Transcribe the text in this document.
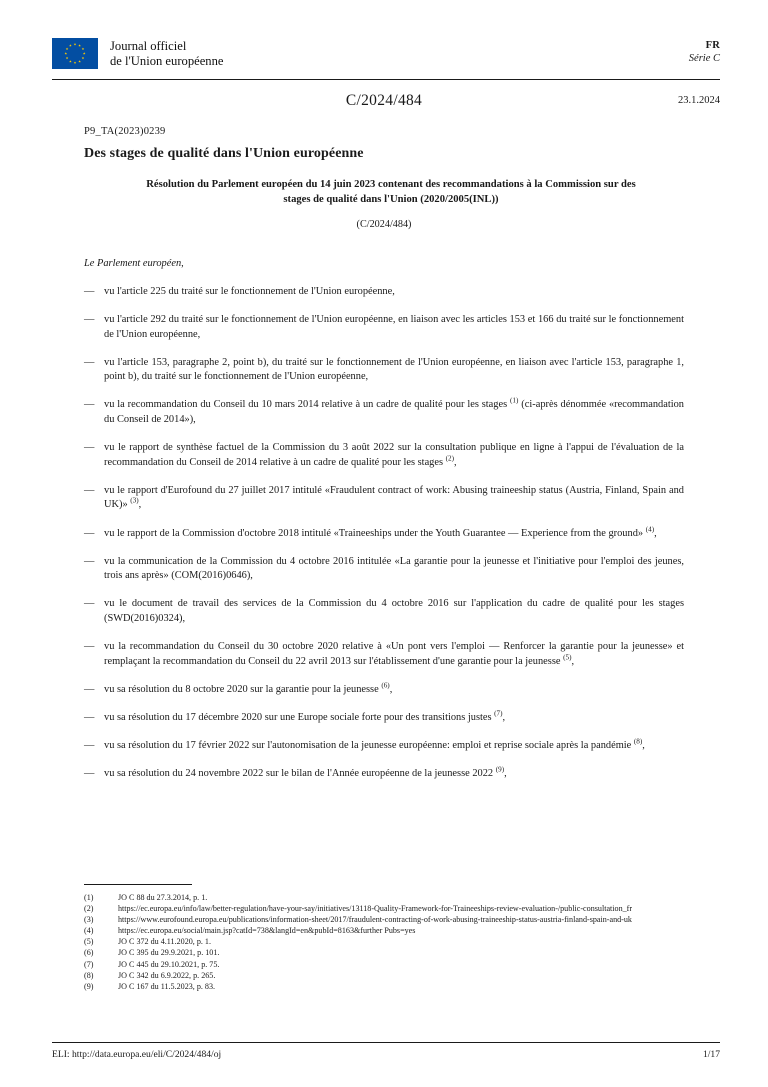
Journal officiel
de l'Union européenne
FR
Série C
C/2024/484	23.1.2024
P9_TA(2023)0239
Des stages de qualité dans l'Union européenne
Résolution du Parlement européen du 14 juin 2023 contenant des recommandations à la Commission sur des
stages de qualité dans l'Union (2020/2005(INL))
(C/2024/484)

Le Parlement européen,

— vu l'article 225 du traité sur le fonctionnement de l'Union européenne,
— vu l'article 292 du traité sur le fonctionnement de l'Union européenne, en liaison avec les articles 153 et 166 du traité sur le fonctionnement de l'Union européenne,
— vu l'article 153, paragraphe 2, point b), du traité sur le fonctionnement de l'Union européenne, en liaison avec l'article 153, paragraphe 1, point b), du traité sur le fonctionnement de l'Union européenne,
— vu la recommandation du Conseil du 10 mars 2014 relative à un cadre de qualité pour les stages $^{(1)}$ (ci-après dénommée «recommandation du Conseil de 2014»),
— vu le rapport de synthèse factuel de la Commission du 3 août 2022 sur la consultation publique en ligne à l'appui de l'évaluation de la recommandation du Conseil de 2014 relative à un cadre de qualité pour les stages $^{(2)}$,
— vu le rapport d'Eurofound du 27 juillet 2017 intitulé «Fraudulent contract of work: Abusing traineeship status (Austria, Finland, Spain and UK)» $^{(3)}$,
— vu le rapport de la Commission d'octobre 2018 intitulé «Traineeships under the Youth Guarantee — Experience from the ground» $^{(4)}$,
— vu la communication de la Commission du 4 octobre 2016 intitulée «La garantie pour la jeunesse et l'initiative pour l'emploi des jeunes, trois ans après» (COM(2016)0646),
— vu le document de travail des services de la Commission du 4 octobre 2016 sur l'application du cadre de qualité pour les stages (SWD(2016)0324),
— vu la recommandation du Conseil du 30 octobre 2020 relative à «Un pont vers l'emploi — Renforcer la garantie pour la jeunesse» et remplaçant la recommandation du Conseil du 22 avril 2013 sur l'établissement d'une garantie pour la jeunesse $^{(5)}$,
— vu sa résolution du 8 octobre 2020 sur la garantie pour la jeunesse $^{(6)}$,
— vu sa résolution du 17 décembre 2020 sur une Europe sociale forte pour des transitions justes $^{(7)}$,
— vu sa résolution du 17 février 2022 sur l'autonomisation de la jeunesse européenne: emploi et reprise sociale après la pandémie $^{(8)}$,
— vu sa résolution du 24 novembre 2022 sur le bilan de l'Année européenne de la jeunesse 2022 $^{(9)}$,
(1)	JO C 88 du 27.3.2014, p. 1.
(2)	https://ec.europa.eu/info/law/better-regulation/have-your-say/initiatives/13118-Quality-Framework-for-Traineeships-review-evaluation-/public-consultation_fr
(3)	https://www.eurofound.europa.eu/publications/information-sheet/2017/fraudulent-contracting-of-work-abusing-traineeship-status-austria-finland-spain-and-uk
(4)	https://ec.europa.eu/social/main.jsp?catId=738&langId=en&pubId=8163&further Pubs=yes
(5)	JO C 372 du 4.11.2020, p. 1.
(6)	JO C 395 du 29.9.2021, p. 101.
(7)	JO C 445 du 29.10.2021, p. 75.
(8)	JO C 342 du 6.9.2022, p. 265.
(9)	JO C 167 du 11.5.2023, p. 83.
ELI: http://data.europa.eu/eli/C/2024/484/oj	1/17
